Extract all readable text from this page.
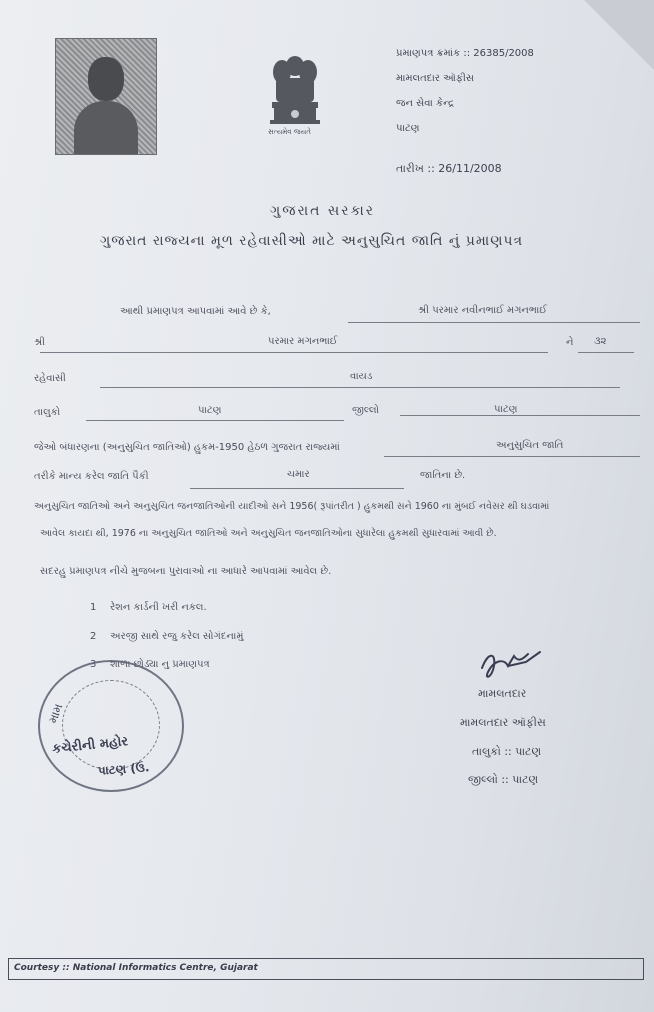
સત્યમેવ જયતે
પ્રમાણપત્ર ક્રમાંક :: 26385/2008
મામલતદાર ઑફીસ
જન સેવા કેન્દ્ર
પાટણ
તારીખ :: 26/11/2008
ગુજરાત સરકાર
ગુજરાત રાજ્યના મૂળ રહેવાસીઓ માટે અનુસુચિત જાતિ નું પ્રમાણપત્ર
આથી પ્રમાણપત્ર આપવામાં આવે છે કે,	શ્રી પરમાર નવીનભાઈ મગનભાઈ
શ્રી	પરમાર મગનભાઈ	ને ૩૨
રહેવાસી	વાયડ
તાલુકો	પાટણ	જીલ્લો	પાટણ
જેઓ બંધારણના (અનુસુચિત જાતિઓ) હુકમ-1950 હેઠળ ગુજરાત રાજ્યમાં	અનુસુચિત જાતિ
તરીકે માન્ય કરેલ જાતિ પૈકી	ચમાર	જાતિના છે.
અનુસુચિત જાતિઓ અને અનુસુચિત જનજાતિઓની યાદીઓ સને 1956( રૂપાંતરીત ) હુકમથી સને 1960 ના મુંબઈ નવેસર થી ઘડવામાં
આવેલ કાયદા થી, 1976 ના અનુસુચિત જાતિઓ અને અનુસુચિત જનજાતિઓના સુધારેલા હુકમથી સુધારવામાં આવી છે.
સદરહુ પ્રમાણપત્ર નીચે મુજબના પુરાવાઓ ના આધારે આપવામાં આવેલ છે.
1 રેશન કાર્ડની ખરી નકલ.
2 અરજી સાથે રજુ કરેલ સોગંદનામું
3 શાળા છોડ્યા નુ પ્રમાણપત્ર
મામ
કચેરીની મહોર
પાટણ (ઉ.
મામલતદાર
મામલતદાર ઑફીસ
તાલુકો :: પાટણ
જીલ્લો :: પાટણ
Courtesy :: National Informatics Centre, Gujarat
